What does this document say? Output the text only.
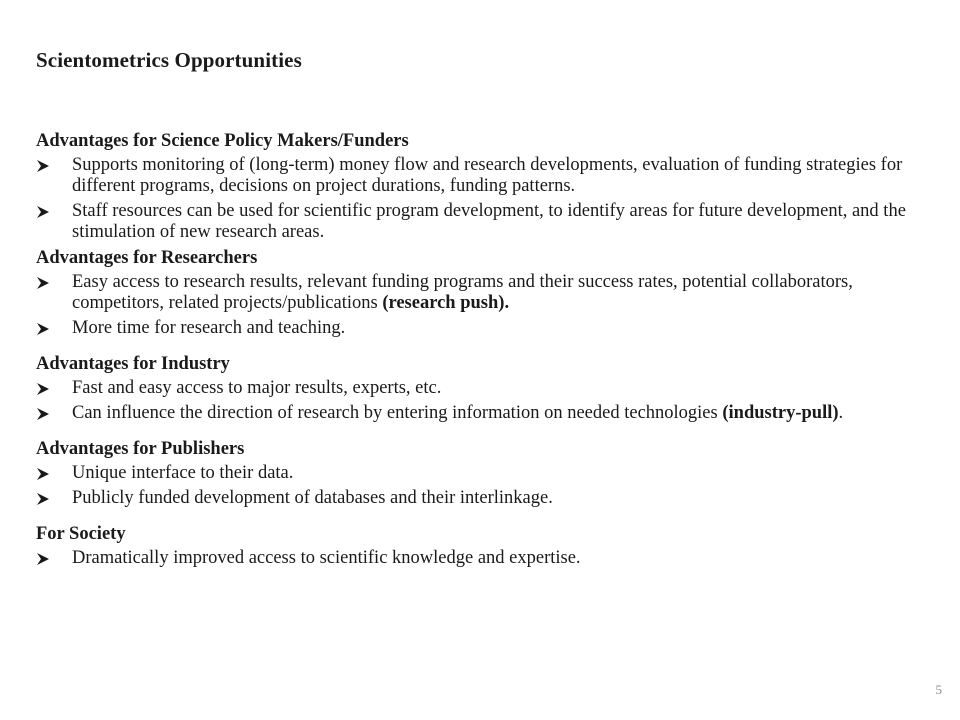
Scientometrics Opportunities
Advantages for Science Policy Makers/Funders
Supports monitoring of (long-term) money flow and research developments, evaluation of funding strategies for different programs, decisions on project durations, funding patterns.
Staff resources can be used for scientific program development, to identify areas for future development, and the stimulation of new research areas.
Advantages for Researchers
Easy access to research results, relevant funding programs and their success rates, potential collaborators, competitors, related projects/publications (research push).
More time for research and teaching.
Advantages for Industry
Fast and easy access to major results, experts, etc.
Can influence the direction of research by entering information on needed technologies (industry-pull).
Advantages for Publishers
Unique interface to their data.
Publicly funded development of databases and their interlinkage.
For Society
Dramatically improved access to scientific knowledge and expertise.
5
